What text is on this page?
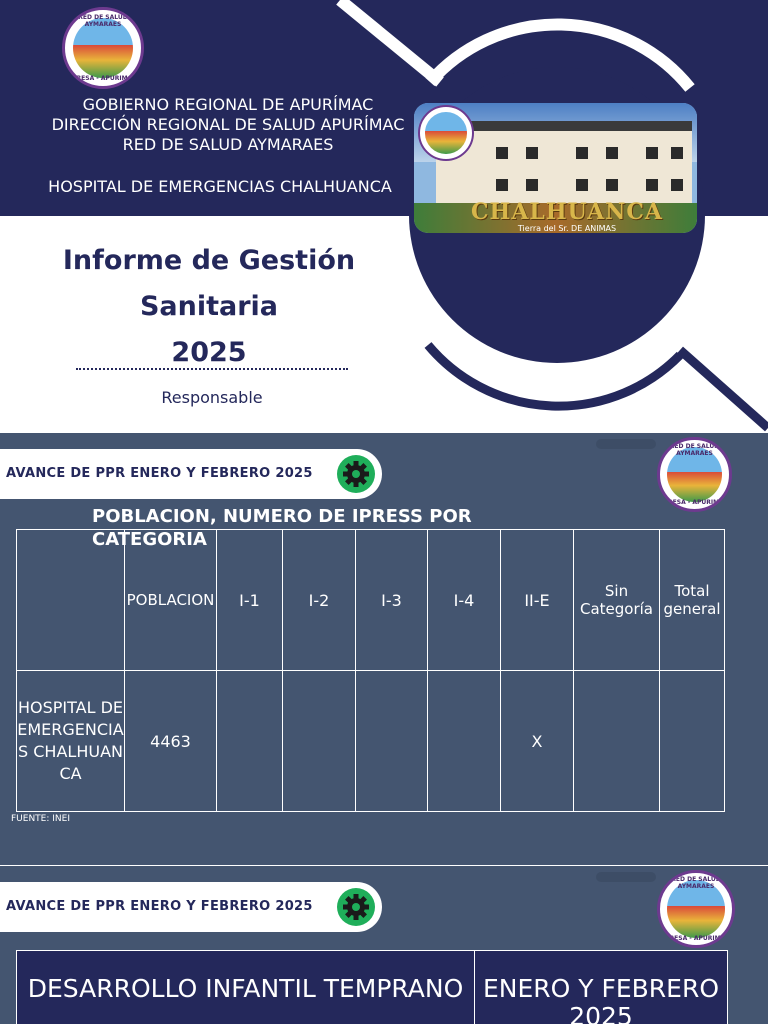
RED DE SALUD AYMARAES
DIRESA - APURIMAC
GOBIERNO REGIONAL DE APURÍMAC
DIRECCIÓN REGIONAL DE SALUD APURÍMAC
RED DE SALUD AYMARAES
HOSPITAL DE EMERGENCIAS CHALHUANCA
CHALHUANCA
Tierra del Sr. DE ANIMAS
Informe de Gestión
Sanitaria
2025
Responsable
AVANCE DE PPR ENERO Y FEBRERO 2025
RED DE SALUD AYMARAES
DIRESA - APURIMAC
POBLACION, NUMERO DE IPRESS POR CATEGORIA
	POBLACION	I-1	I-2	I-3	I-4	II-E	Sin Categoría	Total general
HOSPITAL DE EMERGENCIAS CHALHUANCA	4463					X		
FUENTE: INEI
AVANCE DE PPR ENERO Y FEBRERO 2025
RED DE SALUD AYMARAES
DIRESA - APURIMAC
DESARROLLO INFANTIL TEMPRANO	ENERO Y FEBRERO 2025
